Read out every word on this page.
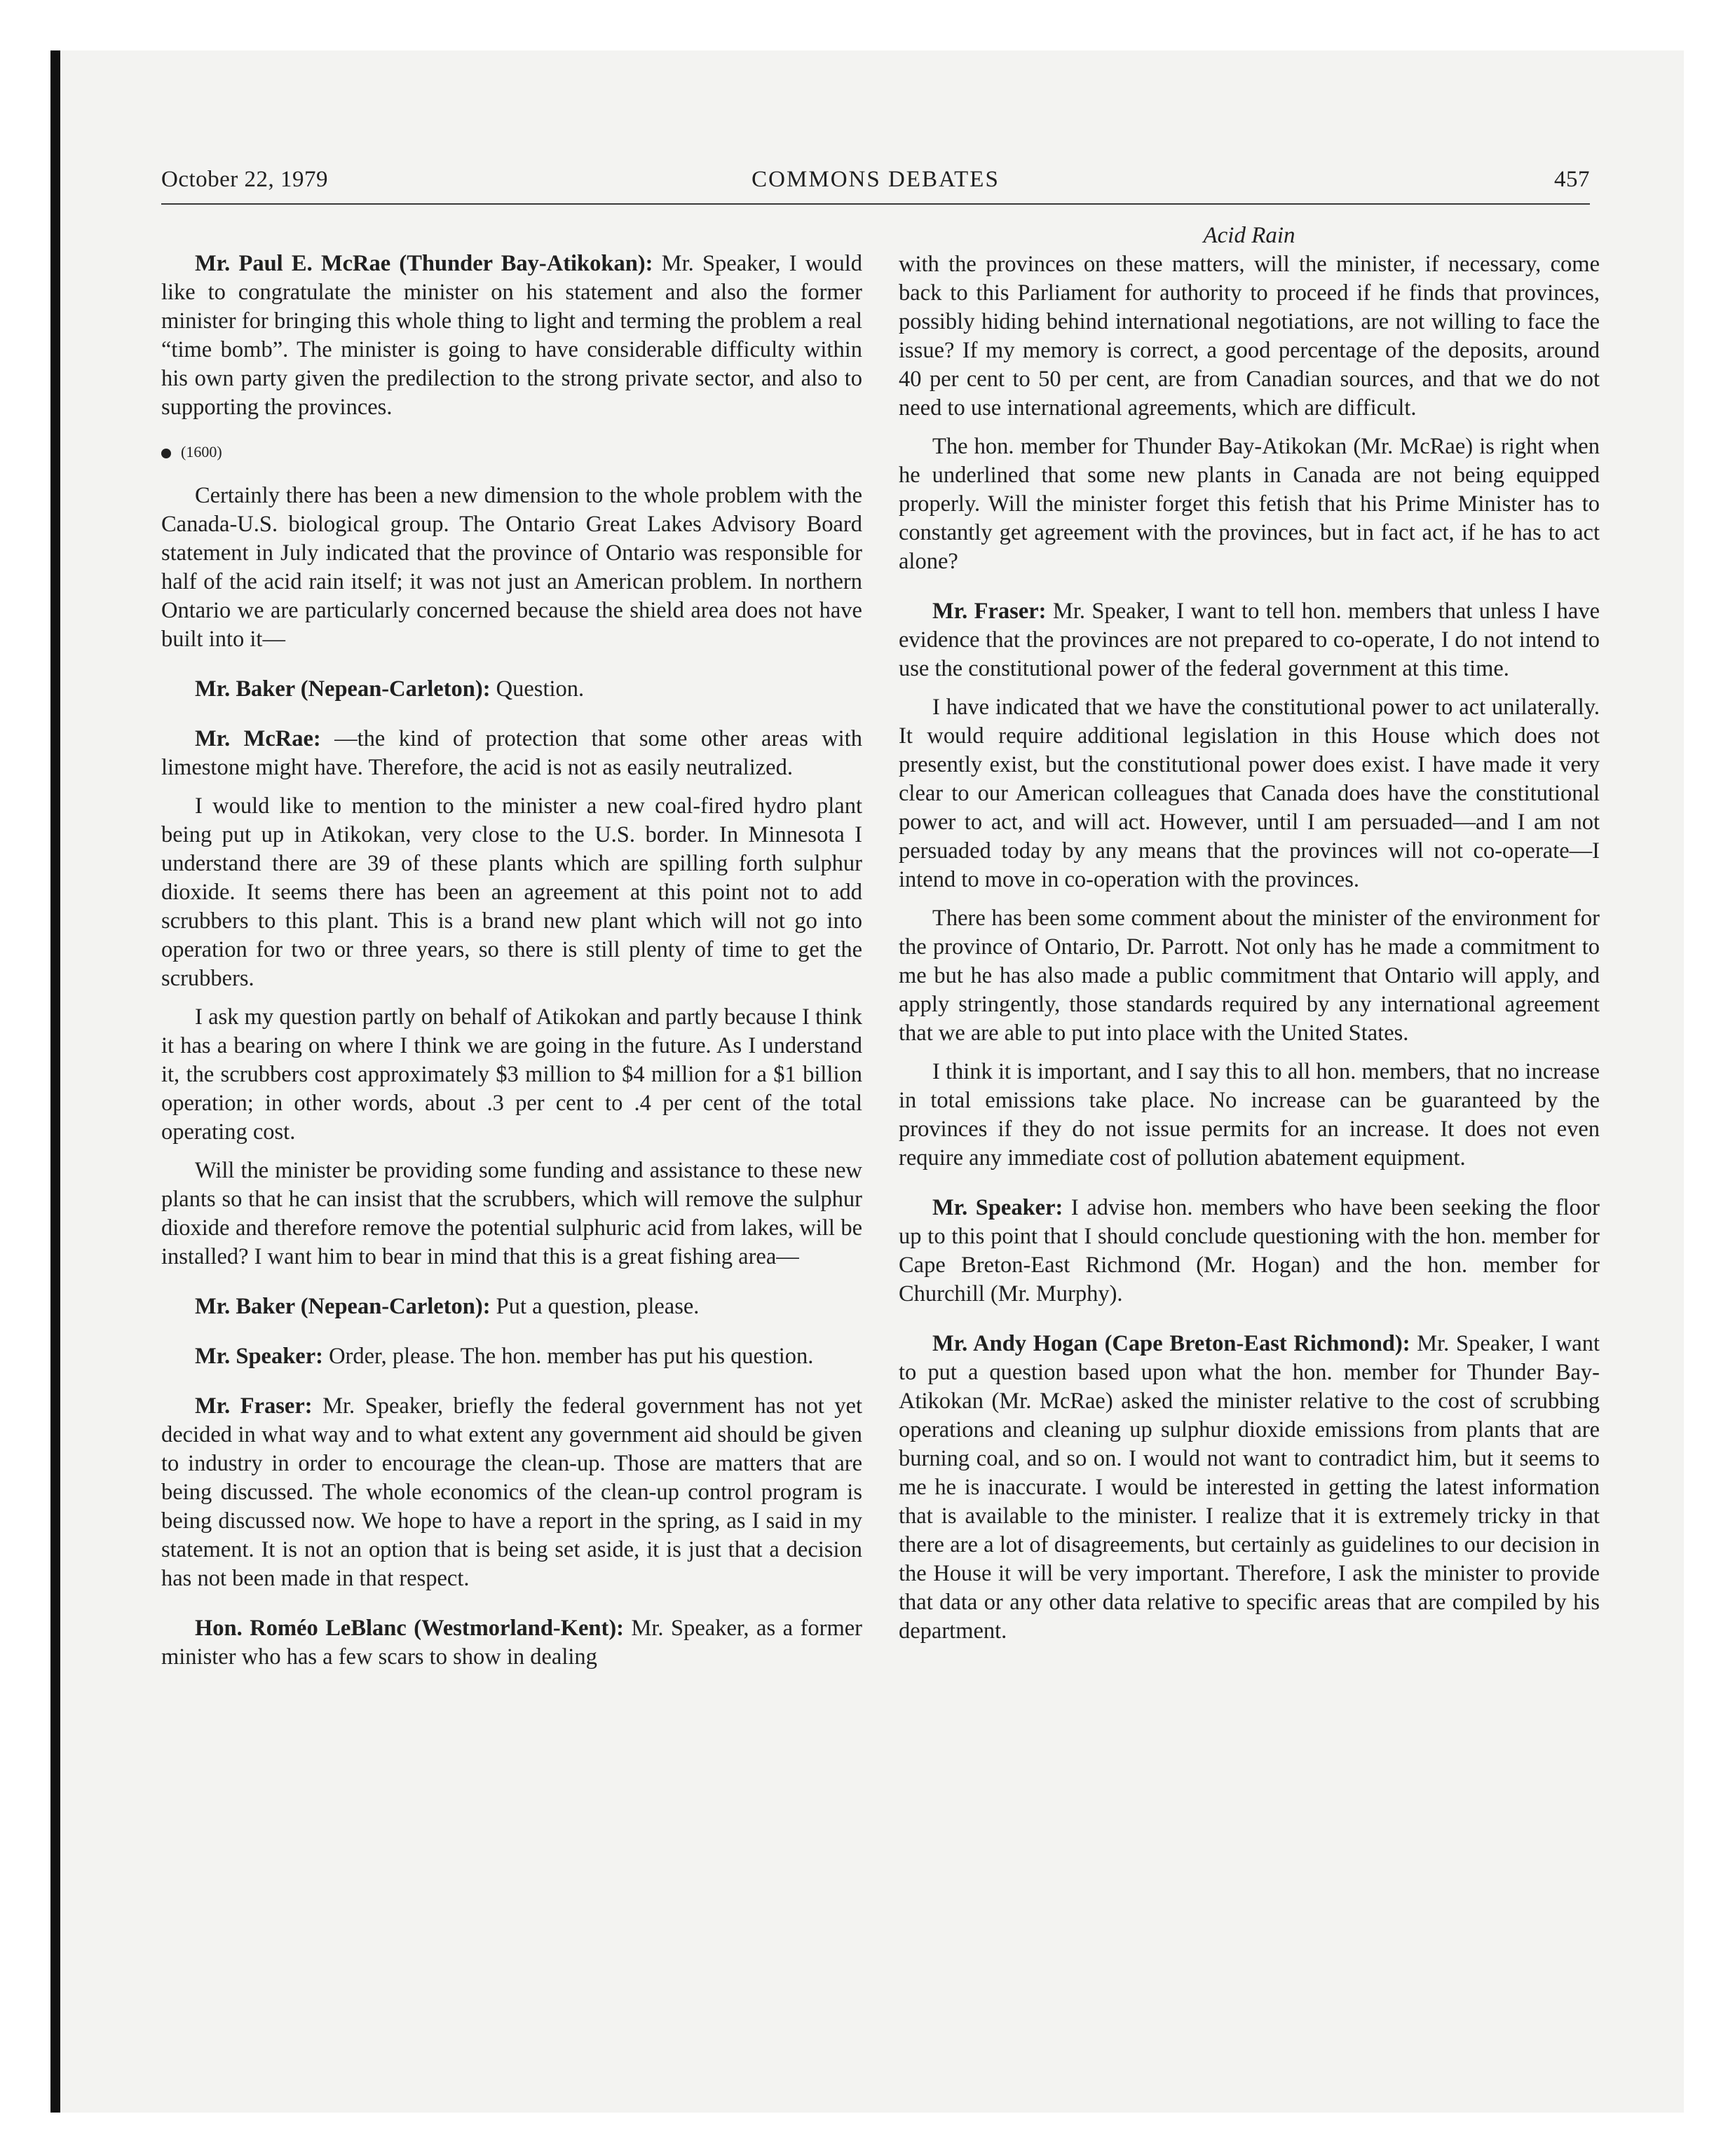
October 22, 1979	COMMONS DEBATES	457

Mr. Paul E. McRae (Thunder Bay-Atikokan): Mr. Speaker, I would like to congratulate the minister on his statement and also the former minister for bringing this whole thing to light and terming the problem a real “time bomb”. The minister is going to have considerable difficulty within his own party given the predilection to the strong private sector, and also to supporting the provinces.

(1600)

Certainly there has been a new dimension to the whole problem with the Canada-U.S. biological group. The Ontario Great Lakes Advisory Board statement in July indicated that the province of Ontario was responsible for half of the acid rain itself; it was not just an American problem. In northern Ontario we are particularly concerned because the shield area does not have built into it—

Mr. Baker (Nepean-Carleton): Question.

Mr. McRae: —the kind of protection that some other areas with limestone might have. Therefore, the acid is not as easily neutralized.

I would like to mention to the minister a new coal-fired hydro plant being put up in Atikokan, very close to the U.S. border. In Minnesota I understand there are 39 of these plants which are spilling forth sulphur dioxide. It seems there has been an agreement at this point not to add scrubbers to this plant. This is a brand new plant which will not go into operation for two or three years, so there is still plenty of time to get the scrubbers.

I ask my question partly on behalf of Atikokan and partly because I think it has a bearing on where I think we are going in the future. As I understand it, the scrubbers cost approximately $3 million to $4 million for a $1 billion operation; in other words, about .3 per cent to .4 per cent of the total operating cost.

Will the minister be providing some funding and assistance to these new plants so that he can insist that the scrubbers, which will remove the sulphur dioxide and therefore remove the potential sulphuric acid from lakes, will be installed? I want him to bear in mind that this is a great fishing area—

Mr. Baker (Nepean-Carleton): Put a question, please.

Mr. Speaker: Order, please. The hon. member has put his question.

Mr. Fraser: Mr. Speaker, briefly the federal government has not yet decided in what way and to what extent any government aid should be given to industry in order to encourage the clean-up. Those are matters that are being discussed. The whole economics of the clean-up control program is being discussed now. We hope to have a report in the spring, as I said in my statement. It is not an option that is being set aside, it is just that a decision has not been made in that respect.

Hon. Roméo LeBlanc (Westmorland-Kent): Mr. Speaker, as a former minister who has a few scars to show in dealing

Acid Rain

with the provinces on these matters, will the minister, if necessary, come back to this Parliament for authority to proceed if he finds that provinces, possibly hiding behind international negotiations, are not willing to face the issue? If my memory is correct, a good percentage of the deposits, around 40 per cent to 50 per cent, are from Canadian sources, and that we do not need to use international agreements, which are difficult.

The hon. member for Thunder Bay-Atikokan (Mr. McRae) is right when he underlined that some new plants in Canada are not being equipped properly. Will the minister forget this fetish that his Prime Minister has to constantly get agreement with the provinces, but in fact act, if he has to act alone?

Mr. Fraser: Mr. Speaker, I want to tell hon. members that unless I have evidence that the provinces are not prepared to co-operate, I do not intend to use the constitutional power of the federal government at this time.

I have indicated that we have the constitutional power to act unilaterally. It would require additional legislation in this House which does not presently exist, but the constitutional power does exist. I have made it very clear to our American colleagues that Canada does have the constitutional power to act, and will act. However, until I am persuaded—and I am not persuaded today by any means that the provinces will not co-operate—I intend to move in co-operation with the provinces.

There has been some comment about the minister of the environment for the province of Ontario, Dr. Parrott. Not only has he made a commitment to me but he has also made a public commitment that Ontario will apply, and apply stringently, those standards required by any international agreement that we are able to put into place with the United States.

I think it is important, and I say this to all hon. members, that no increase in total emissions take place. No increase can be guaranteed by the provinces if they do not issue permits for an increase. It does not even require any immediate cost of pollution abatement equipment.

Mr. Speaker: I advise hon. members who have been seeking the floor up to this point that I should conclude questioning with the hon. member for Cape Breton-East Richmond (Mr. Hogan) and the hon. member for Churchill (Mr. Murphy).

Mr. Andy Hogan (Cape Breton-East Richmond): Mr. Speaker, I want to put a question based upon what the hon. member for Thunder Bay-Atikokan (Mr. McRae) asked the minister relative to the cost of scrubbing operations and cleaning up sulphur dioxide emissions from plants that are burning coal, and so on. I would not want to contradict him, but it seems to me he is inaccurate. I would be interested in getting the latest information that is available to the minister. I realize that it is extremely tricky in that there are a lot of disagreements, but certainly as guidelines to our decision in the House it will be very important. Therefore, I ask the minister to provide that data or any other data relative to specific areas that are compiled by his department.
